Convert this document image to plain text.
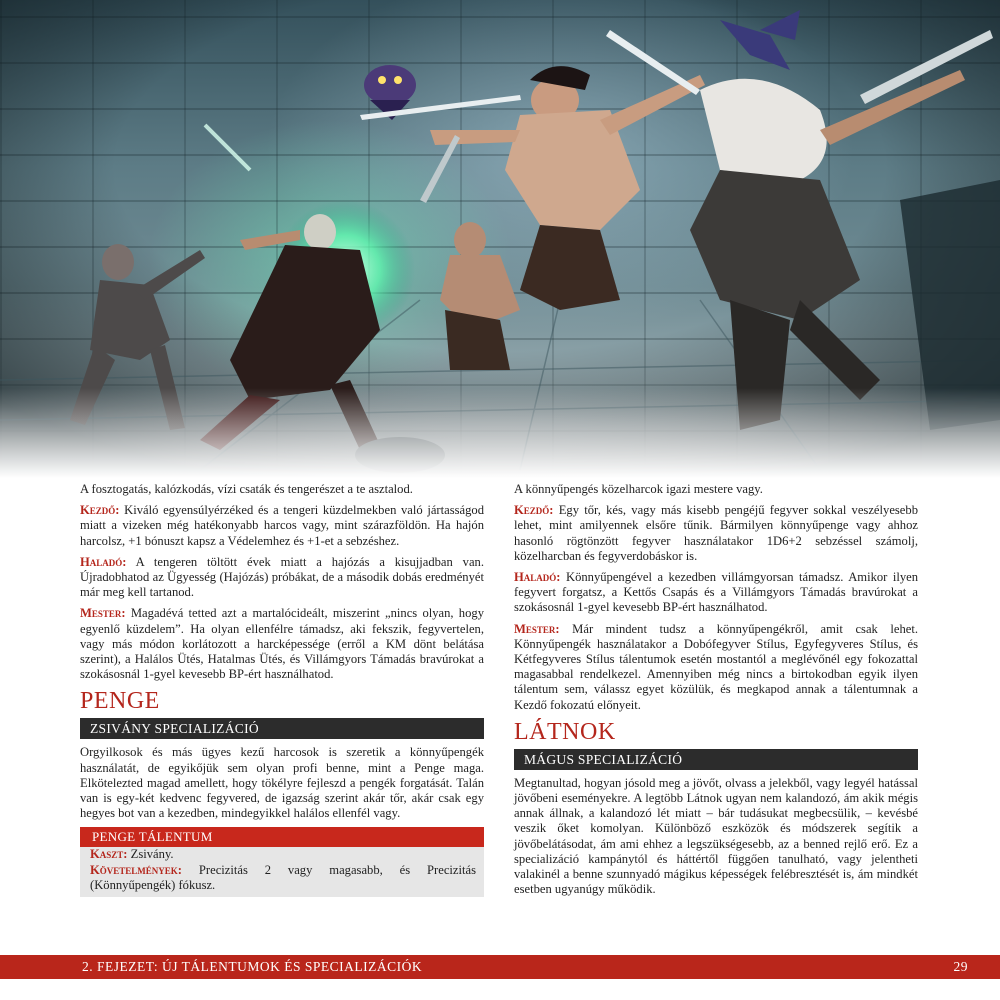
A fosztogatás, kalózkodás, vízi csaták és tengerészet a te asztalod.

Kezdő: Kiváló egyensúlyérzéked és a tengeri küzdelmekben való jártasságod miatt a vizeken még hatékonyabb harcos vagy, mint szárazföldön. Ha hajón harcolsz, +1 bónuszt kapsz a Védelemhez és +1-et a sebzéshez.

Haladó: A tengeren töltött évek miatt a hajózás a kisujjadban van. Újradobhatod az Ügyesség (Hajózás) próbákat, de a második dobás eredményét már meg kell tartanod.

Mester: Magadévá tetted azt a martalócideált, miszerint „nincs olyan, hogy egyenlő küzdelem”. Ha olyan ellenfélre támadsz, aki fekszik, fegyvertelen, vagy más módon korlátozott a harcképessége (erről a KM dönt belátása szerint), a Halálos Ütés, Hatalmas Ütés, és Villámgyors Támadás bravúrokat a szokásosnál 1-gyel kevesebb BP-ért használhatod.

PENGE
ZSIVÁNY SPECIALIZÁCIÓ

Orgyilkosok és más ügyes kezű harcosok is szeretik a könnyűpengék használatát, de egyikőjük sem olyan profi benne, mint a Penge maga. Elkötelezted magad amellett, hogy tökélyre fejleszd a pengék forgatását. Talán van is egy-két kedvenc fegyvered, de igazság szerint akár tőr, akár csak egy hegyes bot van a kezedben, mindegyikkel halálos ellenfél vagy.

PENGE TÁLENTUM
Kaszt: Zsivány.
Követelmények: Precizitás 2 vagy magasabb, és Precizitás (Könnyűpengék) fókusz.

A könnyűpengés közelharcok igazi mestere vagy.

Kezdő: Egy tőr, kés, vagy más kisebb pengéjű fegyver sokkal veszélyesebb lehet, mint amilyennek elsőre tűnik. Bármilyen könnyűpenge vagy ahhoz hasonló rögtönzött fegyver használatakor 1D6+2 sebzéssel számolj, közelharcban és fegyverdobáskor is.

Haladó: Könnyűpengével a kezedben villámgyorsan támadsz. Amikor ilyen fegyvert forgatsz, a Kettős Csapás és a Villámgyors Támadás bravúrokat a szokásosnál 1-gyel kevesebb BP-ért használhatod.

Mester: Már mindent tudsz a könnyűpengékről, amit csak lehet. Könnyűpengék használatakor a Dobófegyver Stílus, Egyfegyveres Stílus, és Kétfegyveres Stílus tálentumok esetén mostantól a meglévőnél egy fokozattal magasabbal rendelkezel. Amennyiben még nincs a birtokodban egyik ilyen tálentum sem, válassz egyet közülük, és megkapod annak a tálentumnak a Kezdő fokozatú előnyeit.

LÁTNOK
MÁGUS SPECIALIZÁCIÓ

Megtanultad, hogyan jósold meg a jövőt, olvass a jelekből, vagy legyél hatással jövőbeni eseményekre. A legtöbb Látnok ugyan nem kalandozó, ám akik mégis annak állnak, a kalandozó lét miatt – bár tudásukat megbecsülik, – kevésbé veszik őket komolyan. Különböző eszközök és módszerek segítik a jövőbelátásodat, ám ami ehhez a legszükségesebb, az a benned rejlő erő. Ez a specializáció kampánytól és háttértől függően tanulható, vagy jelentheti valakinél a benne szunnyadó mágikus képességek felébresztését is, ám mindkét esetben ugyanúgy működik.

2. FEJEZET: ÚJ TÁLENTUMOK ÉS SPECIALIZÁCIÓK	29
